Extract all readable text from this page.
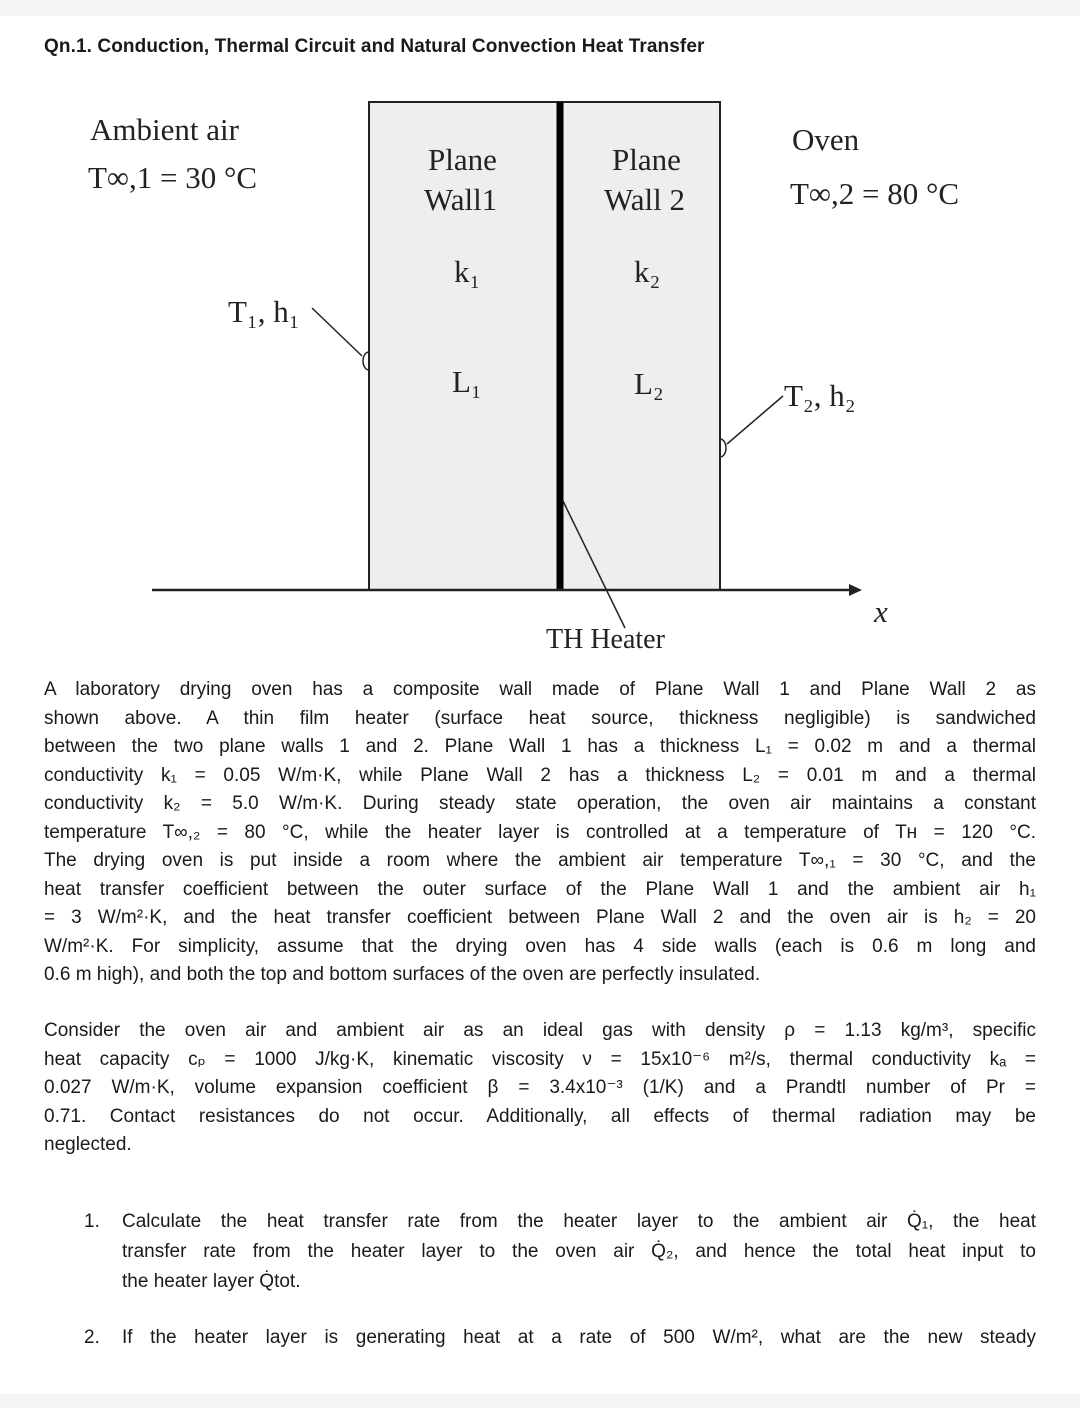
Qn.1. Conduction, Thermal Circuit and Natural Convection Heat Transfer
Ambient air
T∞,1 = 30 °C
Oven
T∞,2 = 80 °C
Plane
Wall1
Plane
Wall 2
k₁	k₂
L₁	L₂
T₁, h₁
T₂, h₂
x
TH Heater
A laboratory drying oven has a composite wall made of Plane Wall 1 and Plane Wall 2 as
shown above. A thin film heater (surface heat source, thickness negligible) is sandwiched
between the two plane walls 1 and 2. Plane Wall 1 has a thickness L₁ = 0.02 m and a thermal
conductivity k₁ = 0.05 W/m·K, while Plane Wall 2 has a thickness L₂ = 0.01 m and a thermal
conductivity k₂ = 5.0 W/m·K. During steady state operation, the oven air maintains a constant
temperature T∞,₂ = 80 °C, while the heater layer is controlled at a temperature of Tʜ = 120 °C.
The drying oven is put inside a room where the ambient air temperature T∞,₁ = 30 °C, and the
heat transfer coefficient between the outer surface of the Plane Wall 1 and the ambient air h₁
= 3 W/m²·K, and the heat transfer coefficient between Plane Wall 2 and the oven air is h₂ = 20
W/m²·K. For simplicity, assume that the drying oven has 4 side walls (each is 0.6 m long and
0.6 m high), and both the top and bottom surfaces of the oven are perfectly insulated.
Consider the oven air and ambient air as an ideal gas with density ρ = 1.13 kg/m³, specific
heat capacity cₚ = 1000 J/kg·K, kinematic viscosity ν = 15x10⁻⁶ m²/s, thermal conductivity kₐ =
0.027 W/m·K, volume expansion coefficient β = 3.4x10⁻³ (1/K) and a Prandtl number of Pr =
0.71. Contact resistances do not occur. Additionally, all effects of thermal radiation may be
neglected.
1. Calculate the heat transfer rate from the heater layer to the ambient air Q̇₁, the heat
transfer rate from the heater layer to the oven air Q̇₂, and hence the total heat input to
the heater layer Q̇tot.
2. If the heater layer is generating heat at a rate of 500 W/m², what are the new steady
